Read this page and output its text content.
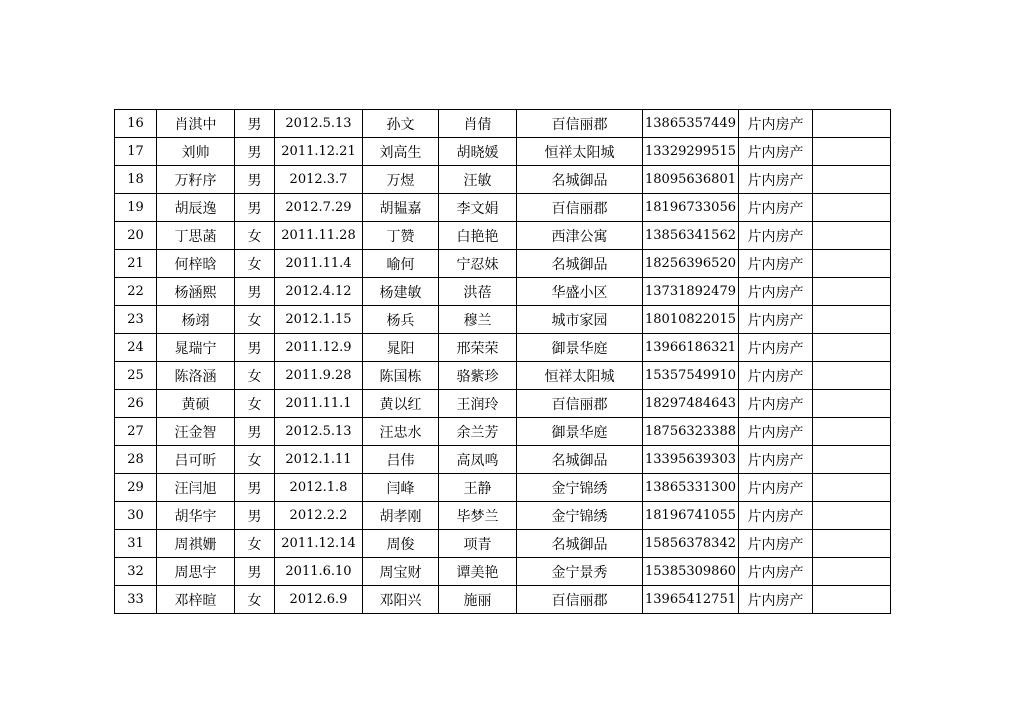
16	肖淇中	男	2012.5.13	孙文	肖倩	百信丽郡	13865357449	片内房产	
17	刘帅	男	2011.12.21	刘高生	胡晓媛	恒祥太阳城	13329299515	片内房产	
18	万籽序	男	2012.3.7	万煜	汪敏	名城御品	18095636801	片内房产	
19	胡辰逸	男	2012.7.29	胡韫嘉	李文娟	百信丽郡	18196733056	片内房产	
20	丁思菡	女	2011.11.28	丁赞	白艳艳	西津公寓	13856341562	片内房产	
21	何梓晗	女	2011.11.4	喻何	宁忍妹	名城御品	18256396520	片内房产	
22	杨涵熙	男	2012.4.12	杨建敏	洪蓓	华盛小区	13731892479	片内房产	
23	杨翊	女	2012.1.15	杨兵	穆兰	城市家园	18010822015	片内房产	
24	晁瑞宁	男	2011.12.9	晁阳	邢荣荣	御景华庭	13966186321	片内房产	
25	陈洛涵	女	2011.9.28	陈国栋	骆紫珍	恒祥太阳城	15357549910	片内房产	
26	黄硕	女	2011.11.1	黄以红	王润玲	百信丽郡	18297484643	片内房产	
27	汪金智	男	2012.5.13	汪忠水	余兰芳	御景华庭	18756323388	片内房产	
28	吕可昕	女	2012.1.11	吕伟	高凤鸣	名城御品	13395639303	片内房产	
29	汪闫旭	男	2012.1.8	闫峰	王静	金宁锦绣	13865331300	片内房产	
30	胡华宇	男	2012.2.2	胡孝刚	毕梦兰	金宁锦绣	18196741055	片内房产	
31	周祺姗	女	2011.12.14	周俊	项青	名城御品	15856378342	片内房产	
32	周思宇	男	2011.6.10	周宝财	谭美艳	金宁景秀	15385309860	片内房产	
33	邓梓暄	女	2012.6.9	邓阳兴	施丽	百信丽郡	13965412751	片内房产	
